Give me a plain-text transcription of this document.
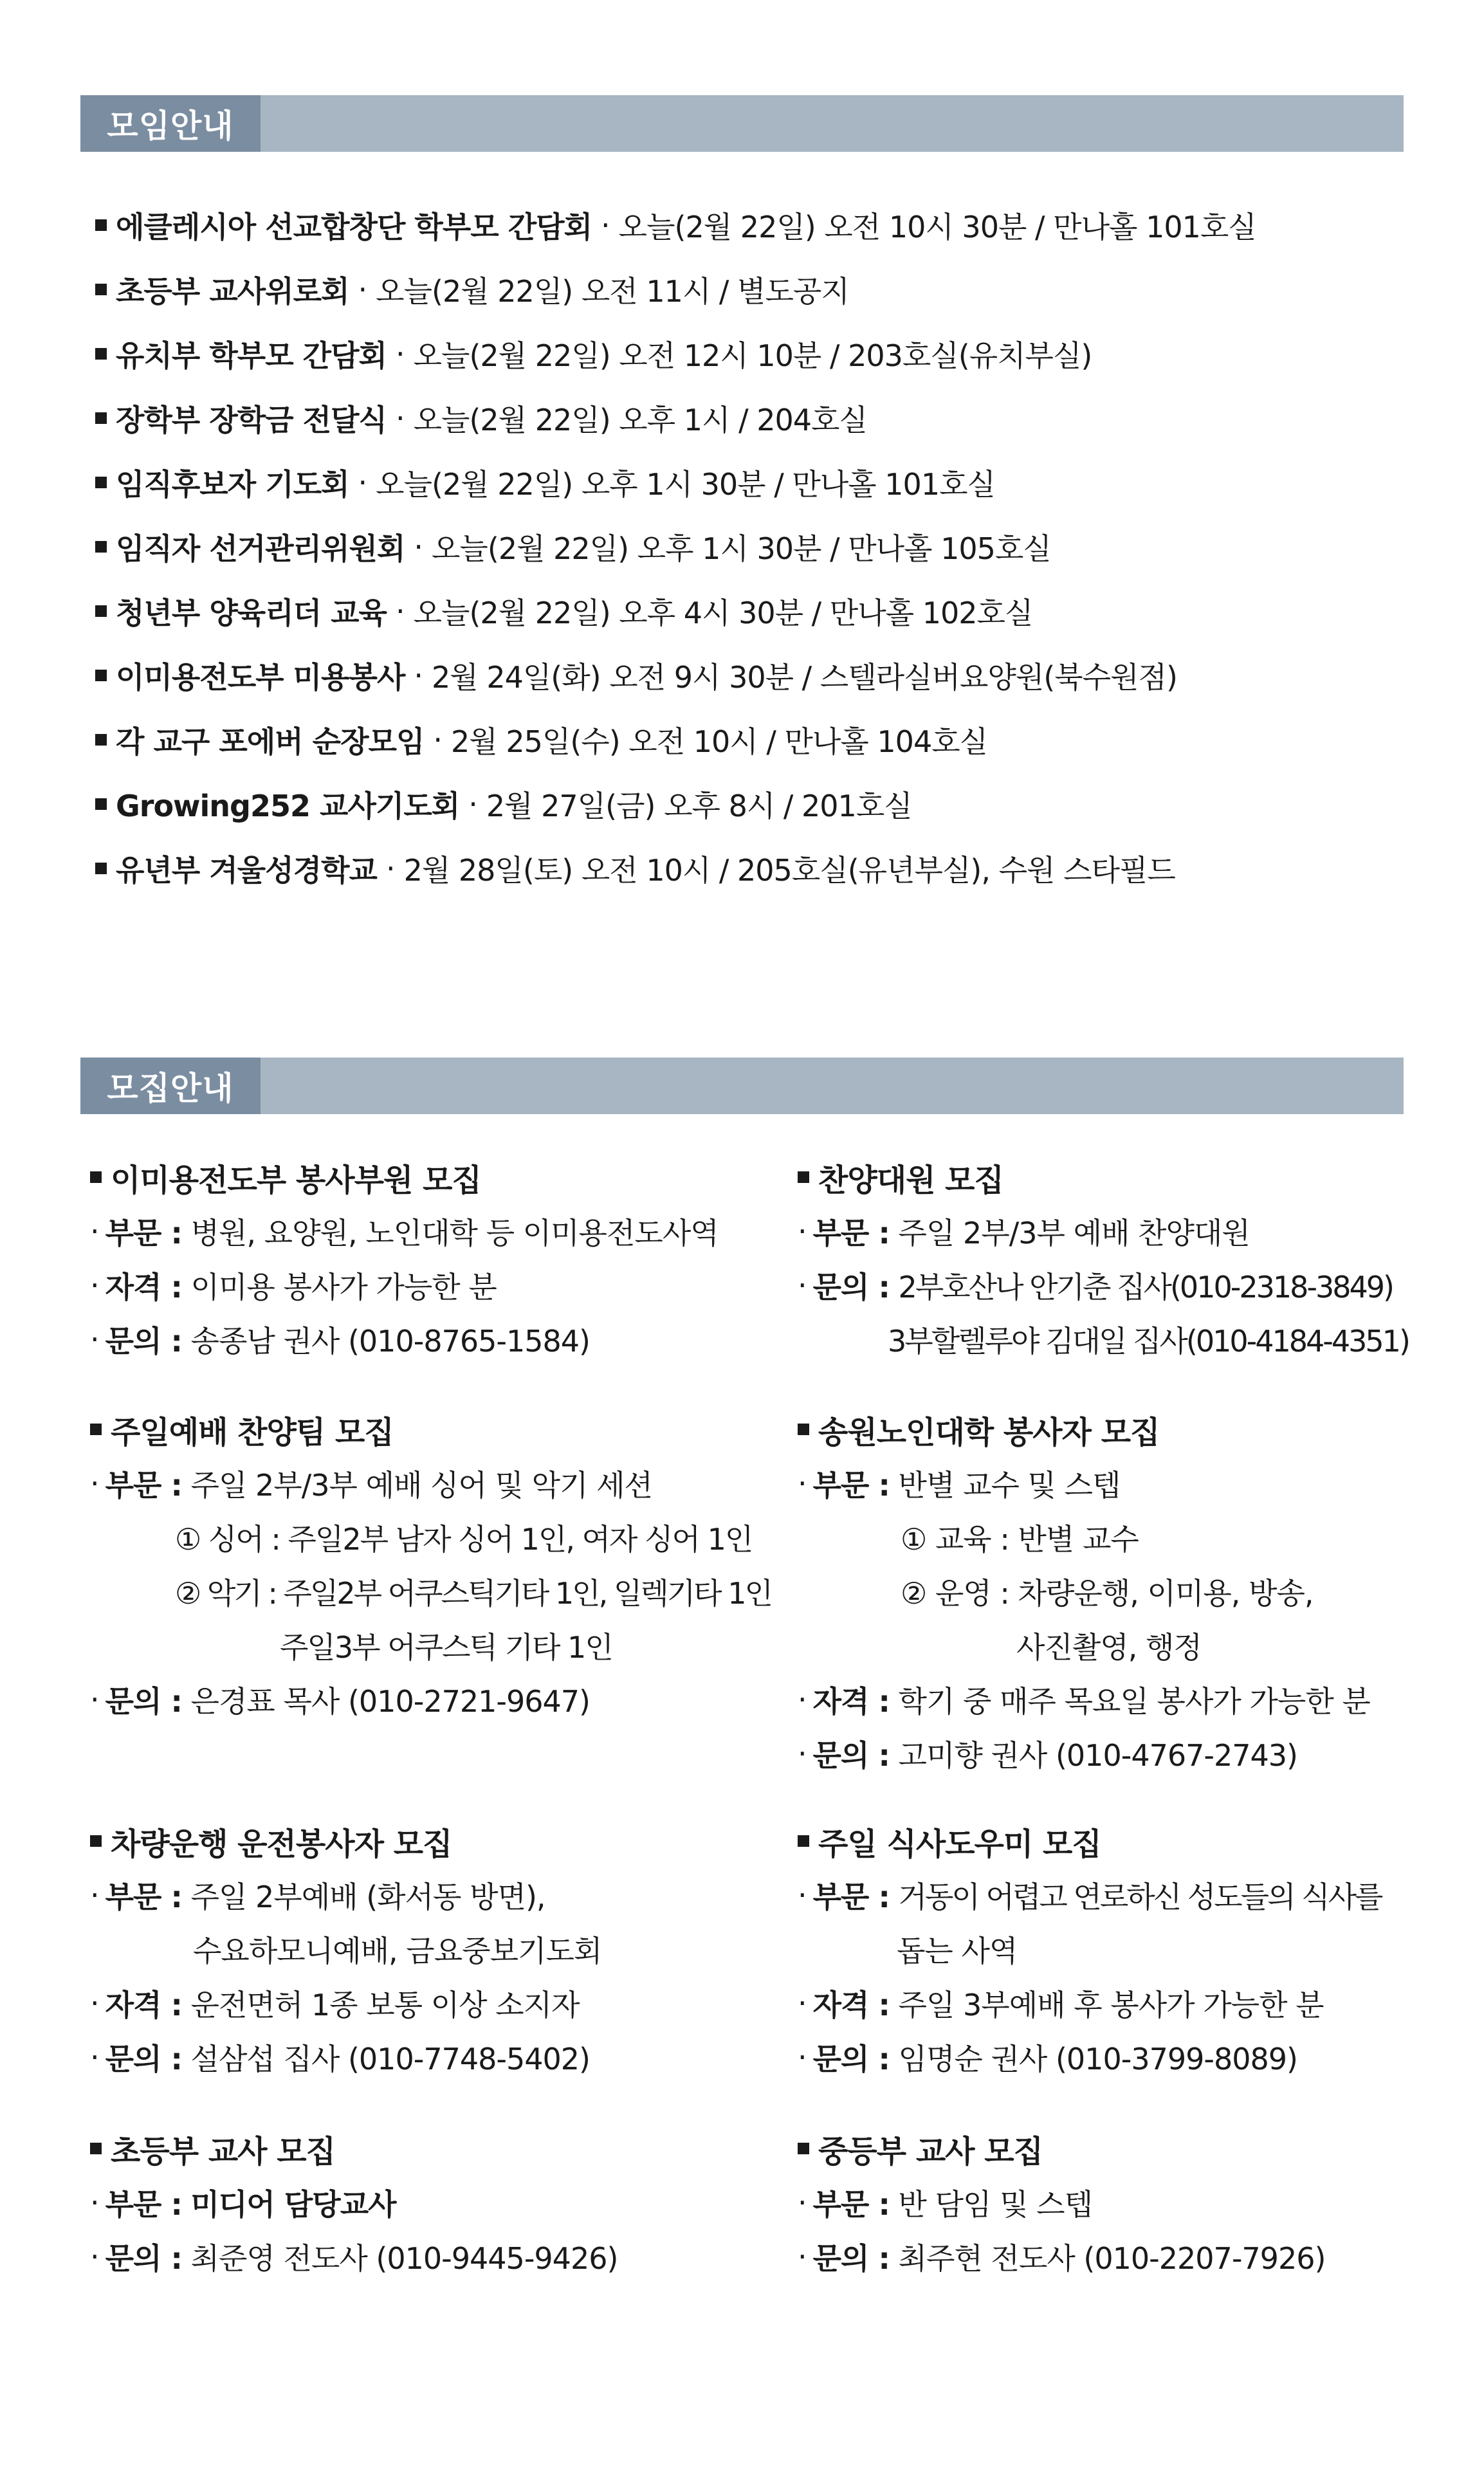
모임안내
에클레시아 선교합창단 학부모 간담회 · 오늘(2월 22일) 오전 10시 30분 / 만나홀 101호실
초등부 교사위로회 · 오늘(2월 22일) 오전 11시 / 별도공지
유치부 학부모 간담회 · 오늘(2월 22일) 오전 12시 10분 / 203호실(유치부실)
장학부 장학금 전달식 · 오늘(2월 22일) 오후 1시 / 204호실
임직후보자 기도회 · 오늘(2월 22일) 오후 1시 30분 / 만나홀 101호실
임직자 선거관리위원회 · 오늘(2월 22일) 오후 1시 30분 / 만나홀 105호실
청년부 양육리더 교육 · 오늘(2월 22일) 오후 4시 30분 / 만나홀 102호실
이미용전도부 미용봉사 · 2월 24일(화) 오전 9시 30분 / 스텔라실버요양원(북수원점)
각 교구 포에버 순장모임 · 2월 25일(수) 오전 10시 / 만나홀 104호실
Growing252 교사기도회 · 2월 27일(금) 오후 8시 / 201호실
유년부 겨울성경학교 · 2월 28일(토) 오전 10시 / 205호실(유년부실), 수원 스타필드
모집안내
이미용전도부 봉사부원 모집
· 부문 :
병원, 요양원, 노인대학 등 이미용전도사역
· 자격 :
이미용 봉사가 가능한 분
· 문의 :
송종남 권사 (010-8765-1584)
찬양대원 모집
· 부문 :
주일 2부/3부 예배 찬양대원
· 문의 :
2부호산나 안기춘 집사(010-2318-3849)
3부할렐루야 김대일 집사(010-4184-4351)
주일예배 찬양팀 모집
· 부문 :
주일 2부/3부 예배 싱어 및 악기 세션
① 싱어 : 주일2부 남자 싱어 1인, 여자 싱어 1인
② 악기 : 주일2부 어쿠스틱기타 1인, 일렉기타 1인
주일3부 어쿠스틱 기타 1인
· 문의 :
은경표 목사 (010-2721-9647)
송원노인대학 봉사자 모집
· 부문 :
반별 교수 및 스텝
① 교육 : 반별 교수
② 운영 : 차량운행, 이미용, 방송,
사진촬영, 행정
· 자격 :
학기 중 매주 목요일 봉사가 가능한 분
· 문의 :
고미향 권사 (010-4767-2743)
차량운행 운전봉사자 모집
· 부문 :
주일 2부예배 (화서동 방면),
수요하모니예배, 금요중보기도회
· 자격 :
운전면허 1종 보통 이상 소지자
· 문의 :
설삼섭 집사 (010-7748-5402)
주일 식사도우미 모집
· 부문 :
거동이 어렵고 연로하신 성도들의 식사를
돕는 사역
· 자격 :
주일 3부예배 후 봉사가 가능한 분
· 문의 :
임명순 권사 (010-3799-8089)
초등부 교사 모집
· 부문 :
미디어 담당교사
· 문의 :
최준영 전도사 (010-9445-9426)
중등부 교사 모집
· 부문 :
반 담임 및 스텝
· 문의 :
최주현 전도사 (010-2207-7926)
